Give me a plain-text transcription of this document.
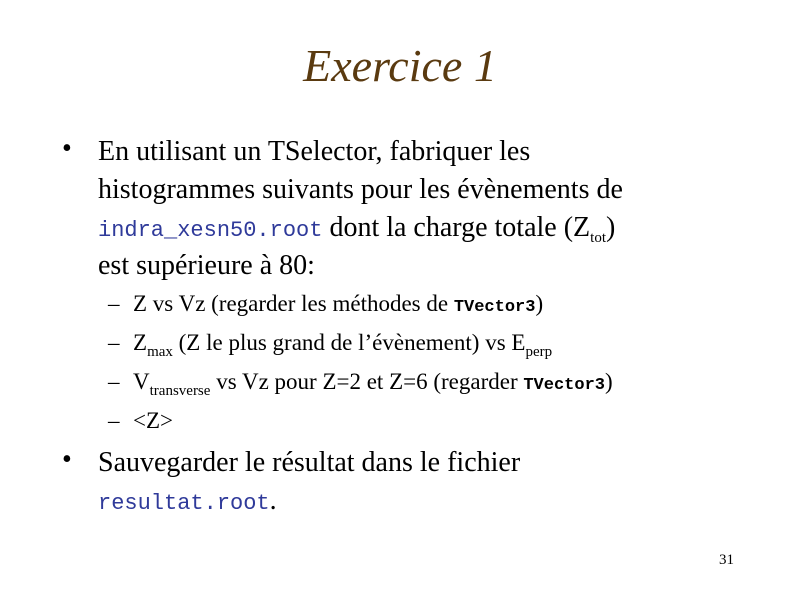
Exercice 1
• En utilisant un TSelector, fabriquer les
histogrammes suivants pour les évènements de
indra_xesn50.root dont la charge totale $(Z_{tot})$
est supérieure à 80:
– Z vs Vz (regarder les méthodes de TVector3)
– $Z_{max}$ (Z le plus grand de l’évènement) vs $E_{perp}$
– $V_{transverse}$ vs Vz pour Z=2 et Z=6 (regarder TVector3)
– <Z>
• Sauvegarder le résultat dans le fichier
resultat.root.
31
